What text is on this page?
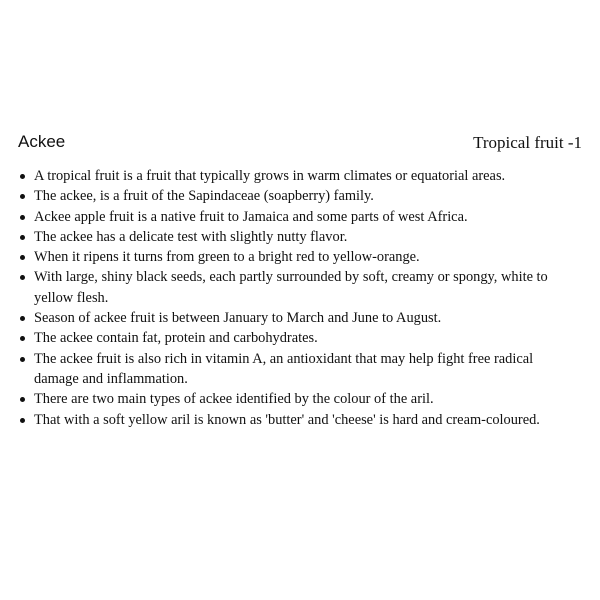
Ackee	Tropical fruit -1
A tropical fruit is a fruit that typically grows in warm climates or equatorial areas.
The ackee, is a fruit of the Sapindaceae (soapberry) family.
Ackee apple fruit is a native fruit to Jamaica and some parts of west Africa.
The ackee has a delicate test with slightly nutty flavor.
When it ripens it turns from green to a bright red to yellow-orange.
With large, shiny black seeds, each partly surrounded by soft, creamy or spongy, white to yellow flesh.
Season of ackee fruit is between January to March and June to August.
The ackee contain fat, protein and carbohydrates.
The ackee fruit is also rich in vitamin A, an antioxidant that may help fight free radical damage and inflammation.
There are two main types of ackee identified by the colour of the aril.
That with a soft yellow aril is known as 'butter' and 'cheese' is hard and cream-coloured.
